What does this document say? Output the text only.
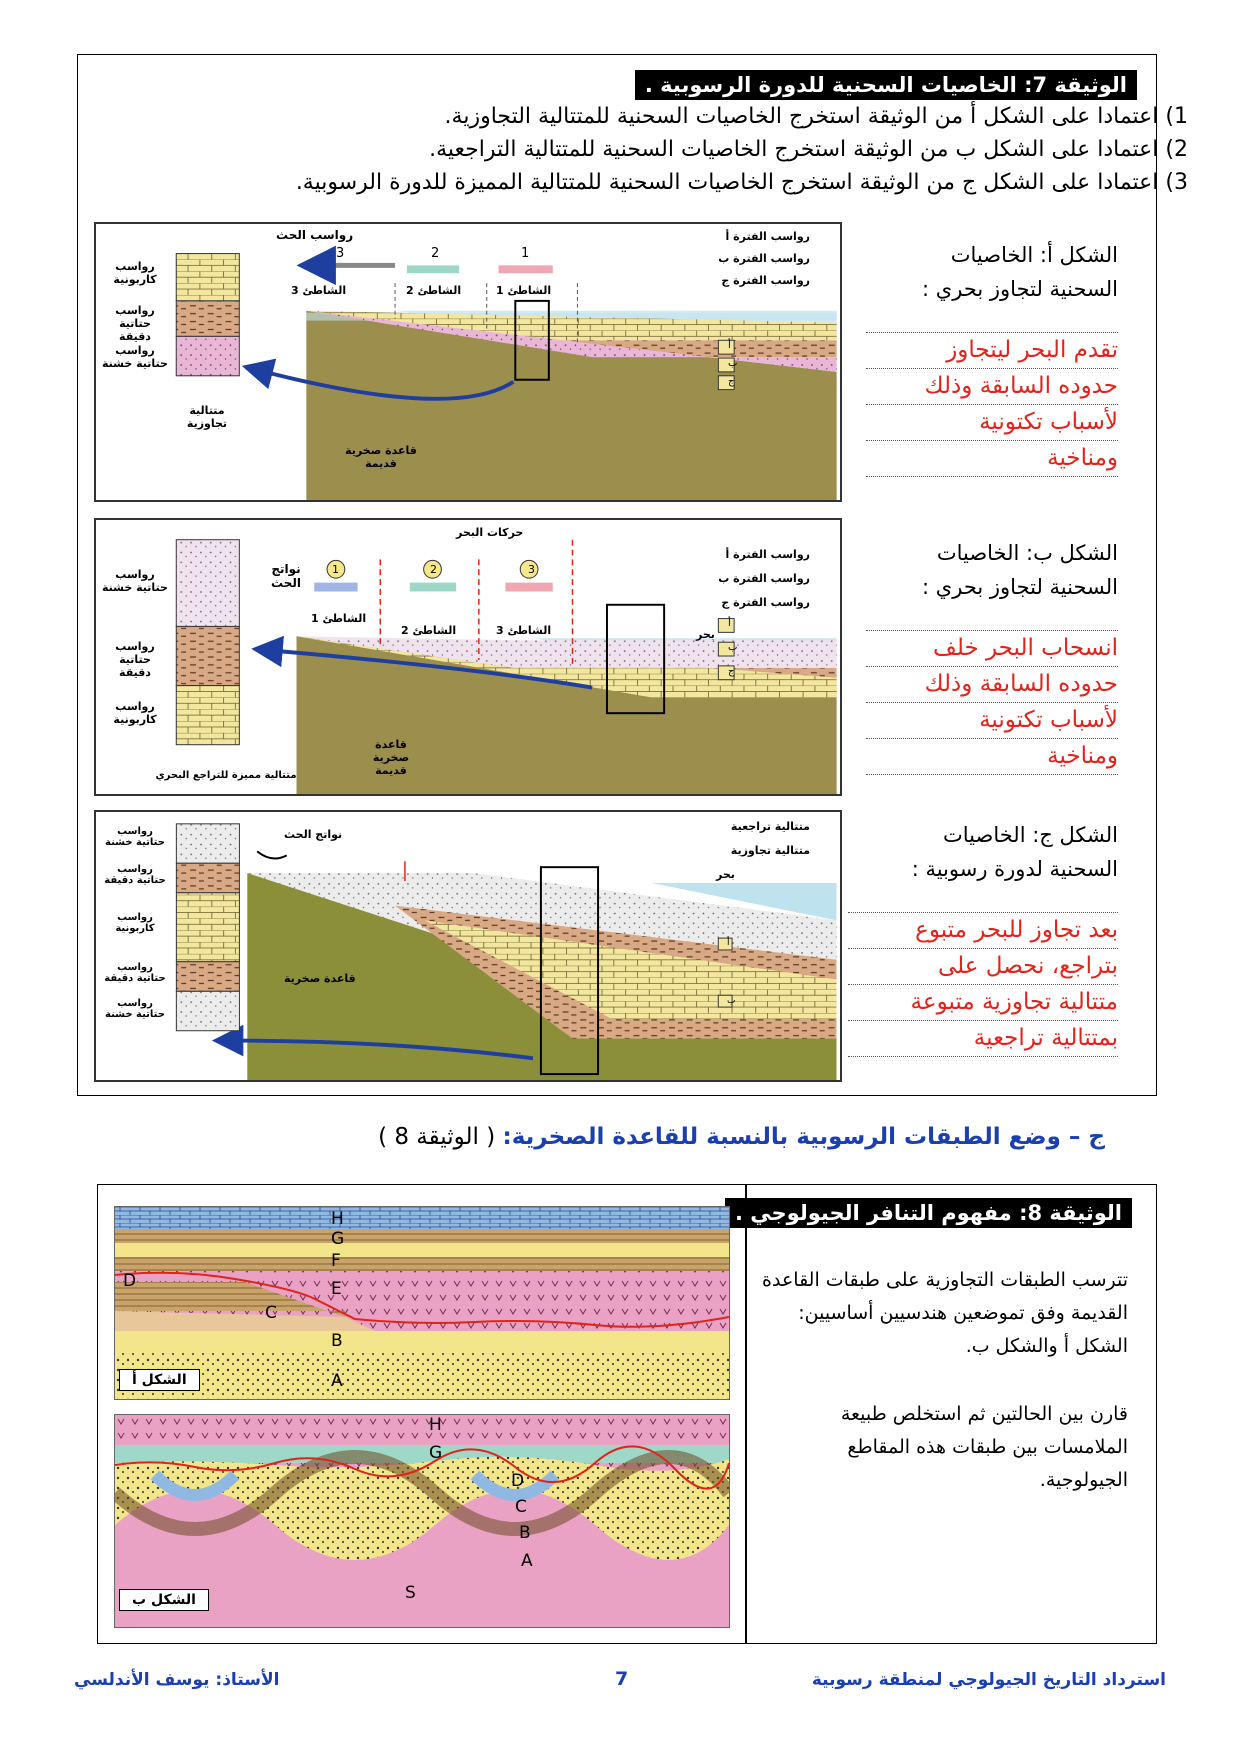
الوثيقة 7: الخاصيات السحنية للدورة الرسوبية .
1) اعتمادا على الشكل أ من الوثيقة استخرج الخاصيات السحنية للمتتالية التجاوزية.
2) اعتمادا على الشكل ب من الوثيقة استخرج الخاصيات السحنية للمتتالية التراجعية.
3) اعتمادا على الشكل ج من الوثيقة استخرج الخاصيات السحنية للمتتالية المميزة للدورة الرسوبية.
رواسب الحث
1
2
3
الشاطئ 1
الشاطئ 2
الشاطئ 3
رواسب الفترة أ
رواسب الفترة ب
رواسب الفترة ج
أ
ب
ج
رواسب كاربونية
رواسب حتاتية دقيقة
رواسب حتاتية خشنة
متتالية تجاوزية
قاعدة صخرية قديمة
الشكل أ: الخاصيات
السحنية لتجاوز بحري :
تقدم البحر ليتجاوز
حدوده السابقة وذلك
لأسباب تكتونية
ومناخية
حركات البحر
نواتج الحث
1	2	3
الشاطئ 1
الشاطئ 2	الشاطئ 3	بحر
رواسب الفترة أ
رواسب الفترة ب
رواسب الفترة ج
أ
ب
ج
رواسب حتاتية خشنة
رواسب حتاتية دقيقة
رواسب كاربونية
متتالية مميزة للتراجع البحري
قاعدة صخرية قديمة
الشكل ب: الخاصيات
السحنية لتجاوز بحري :
انسحاب البحر خلف
حدوده السابقة وذلك
لأسباب تكتونية
ومناخية
نواتج الحث
متتالية تراجعية
متتالية تجاوزية
أ
ب
بحر
قاعدة صخرية
رواسب حتاتية خشنة
رواسب حتاتية دقيقة
رواسب كاربونية
رواسب حتاتية دقيقة
رواسب حتاتية خشنة
الشكل ج: الخاصيات
السحنية لدورة رسوبية :
بعد تجاوز للبحر متبوع
بتراجع، نحصل على
متتالية تجاوزية متبوعة
بمتتالية تراجعية
ج – وضع الطبقات الرسوبية بالنسبة للقاعدة الصخرية: ( الوثيقة 8 )
الوثيقة 8: مفهوم التنافر الجيولوجي .
تترسب الطبقات التجاوزية على طبقات القاعدة القديمة وفق تموضعين هندسيين أساسيين: الشكل أ والشكل ب.
قارن بين الحالتين ثم استخلص طبيعة الملامسات بين طبقات هذه المقاطع الجيولوجية.
H
G
F
E
D
C
B
A
الشكل أ
H
G
D
C
B
A
S
الشكل ب
استرداد التاريخ الجيولوجي لمنطقة رسوبية
7
الأستاذ: يوسف الأندلسي
